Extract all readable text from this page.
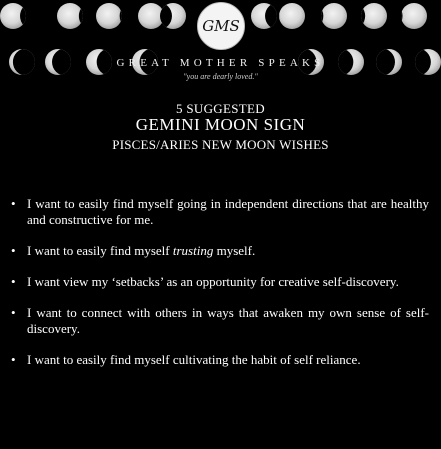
GMS
GREAT MOTHER SPEAKS
"you are dearly loved."
5 SUGGESTED
GEMINI MOON SIGN
PISCES/ARIES NEW MOON WISHES
• I want to easily find myself going in independent directions that are healthy and constructive for me.
• I want to easily find myself trusting myself.
• I want view my ‘setbacks’ as an opportunity for creative self-discovery.
• I want to connect with others in ways that awaken my own sense of self-discovery.
• I want to easily find myself cultivating the habit of self reliance.
